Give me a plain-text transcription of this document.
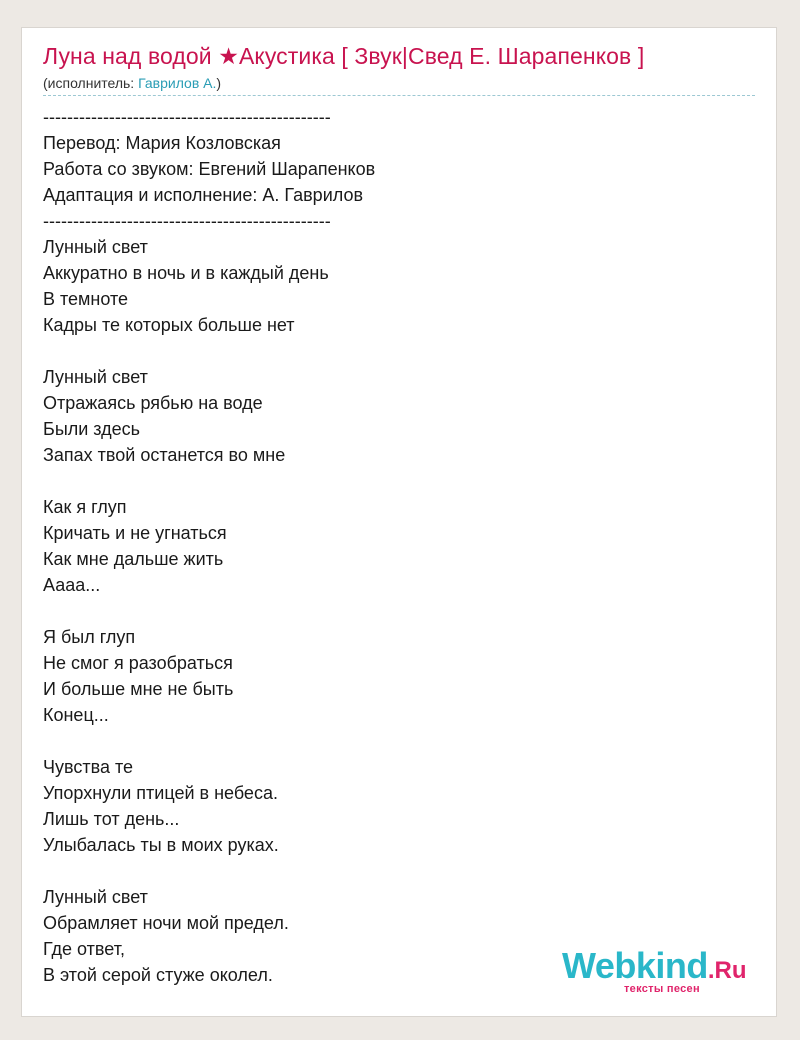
Луна над водой ★Акустика [ Звук|Свед Е. Шарапенков ]
(исполнитель: Гаврилов А.)
------------------------------------------------
Перевод: Мария Козловская
Работа со звуком: Евгений Шарапенков
Адаптация и исполнение: А. Гаврилов
------------------------------------------------
Лунный свет
Аккуратно в ночь и в каждый день
В темноте
Кадры те которых больше нет
Лунный свет
Отражаясь рябью на воде
Были здесь
Запах твой останется во мне
Как я глуп
Кричать и не угнаться
Как мне дальше жить
Аааа...
Я был глуп
Не смог я разобраться
И больше мне не быть
Конец...
Чувства те
Упорхнули птицей в небеса.
Лишь тот день...
Улыбалась ты в моих руках.
Лунный свет
Обрамляет ночи мой предел.
Где ответ,
В этой серой стуже околел.	Webkind.Ru
тексты песен
